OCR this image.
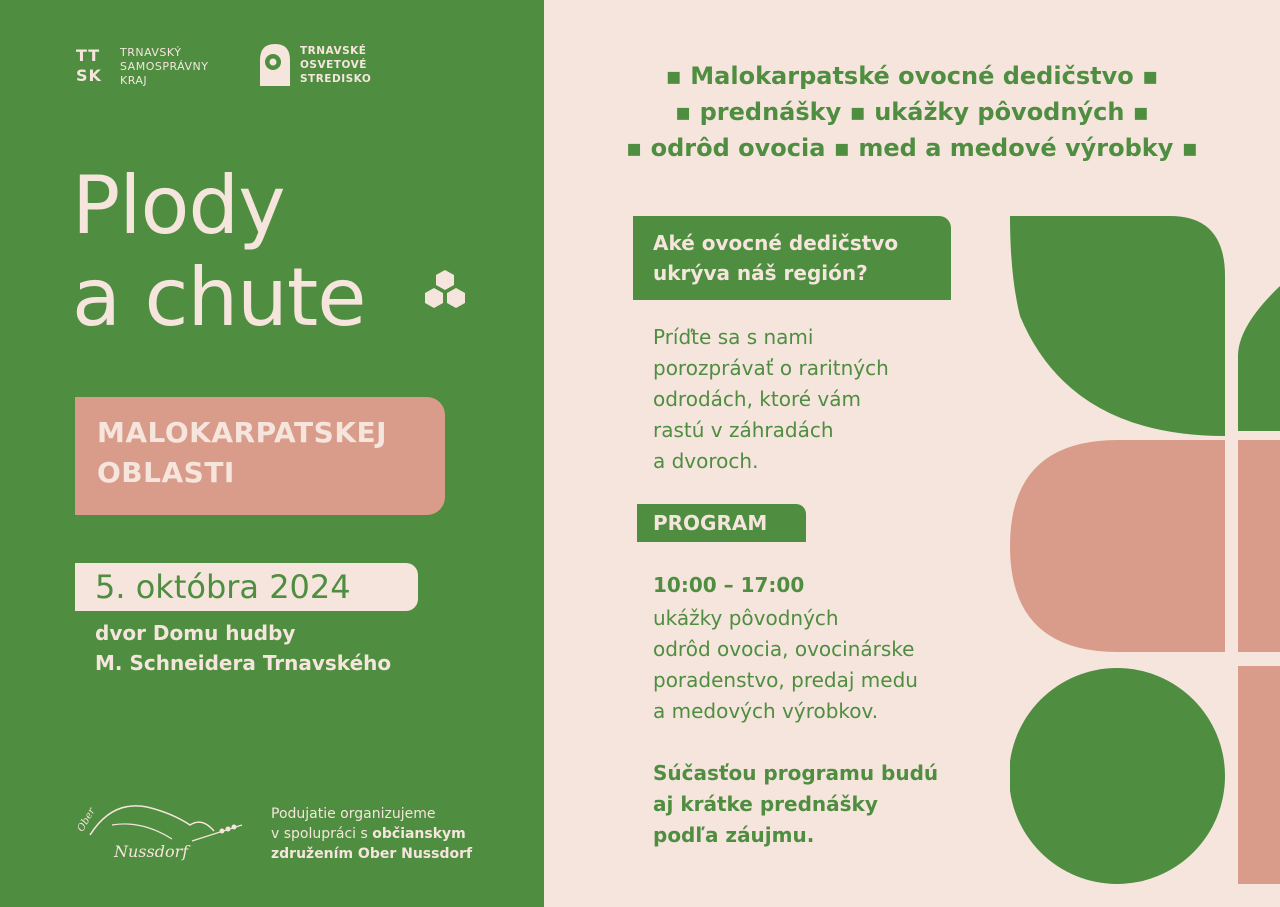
TT SK
TRNAVSKÝ
SAMOSPRÁVNY
KRAJ
TRNAVSKÉ
OSVETOVÉ
STREDISKO
Plody
a chute
MALOKARPATSKEJ
OBLASTI
5. októbra 2024
dvor Domu hudby
M. Schneidera Trnavského
Ober
Nussdorf
Podujatie organizujeme
v spolupráci s občianskym
združením Ober Nussdorf
▪ Malokarpatské ovocné dedičstvo ▪
▪ prednášky ▪ ukážky pôvodných ▪
▪ odrôd ovocia ▪ med a medové výrobky ▪
Aké ovocné dedičstvo
ukrýva náš región?
Príďte sa s nami
porozprávať o raritných
odrodách, ktoré vám
rastú v záhradách
a dvoroch.
PROGRAM
10:00 – 17:00
ukážky pôvodných
odrôd ovocia, ovocinárske
poradenstvo, predaj medu
a medových výrobkov.
Súčasťou programu budú
aj krátke prednášky
podľa záujmu.
